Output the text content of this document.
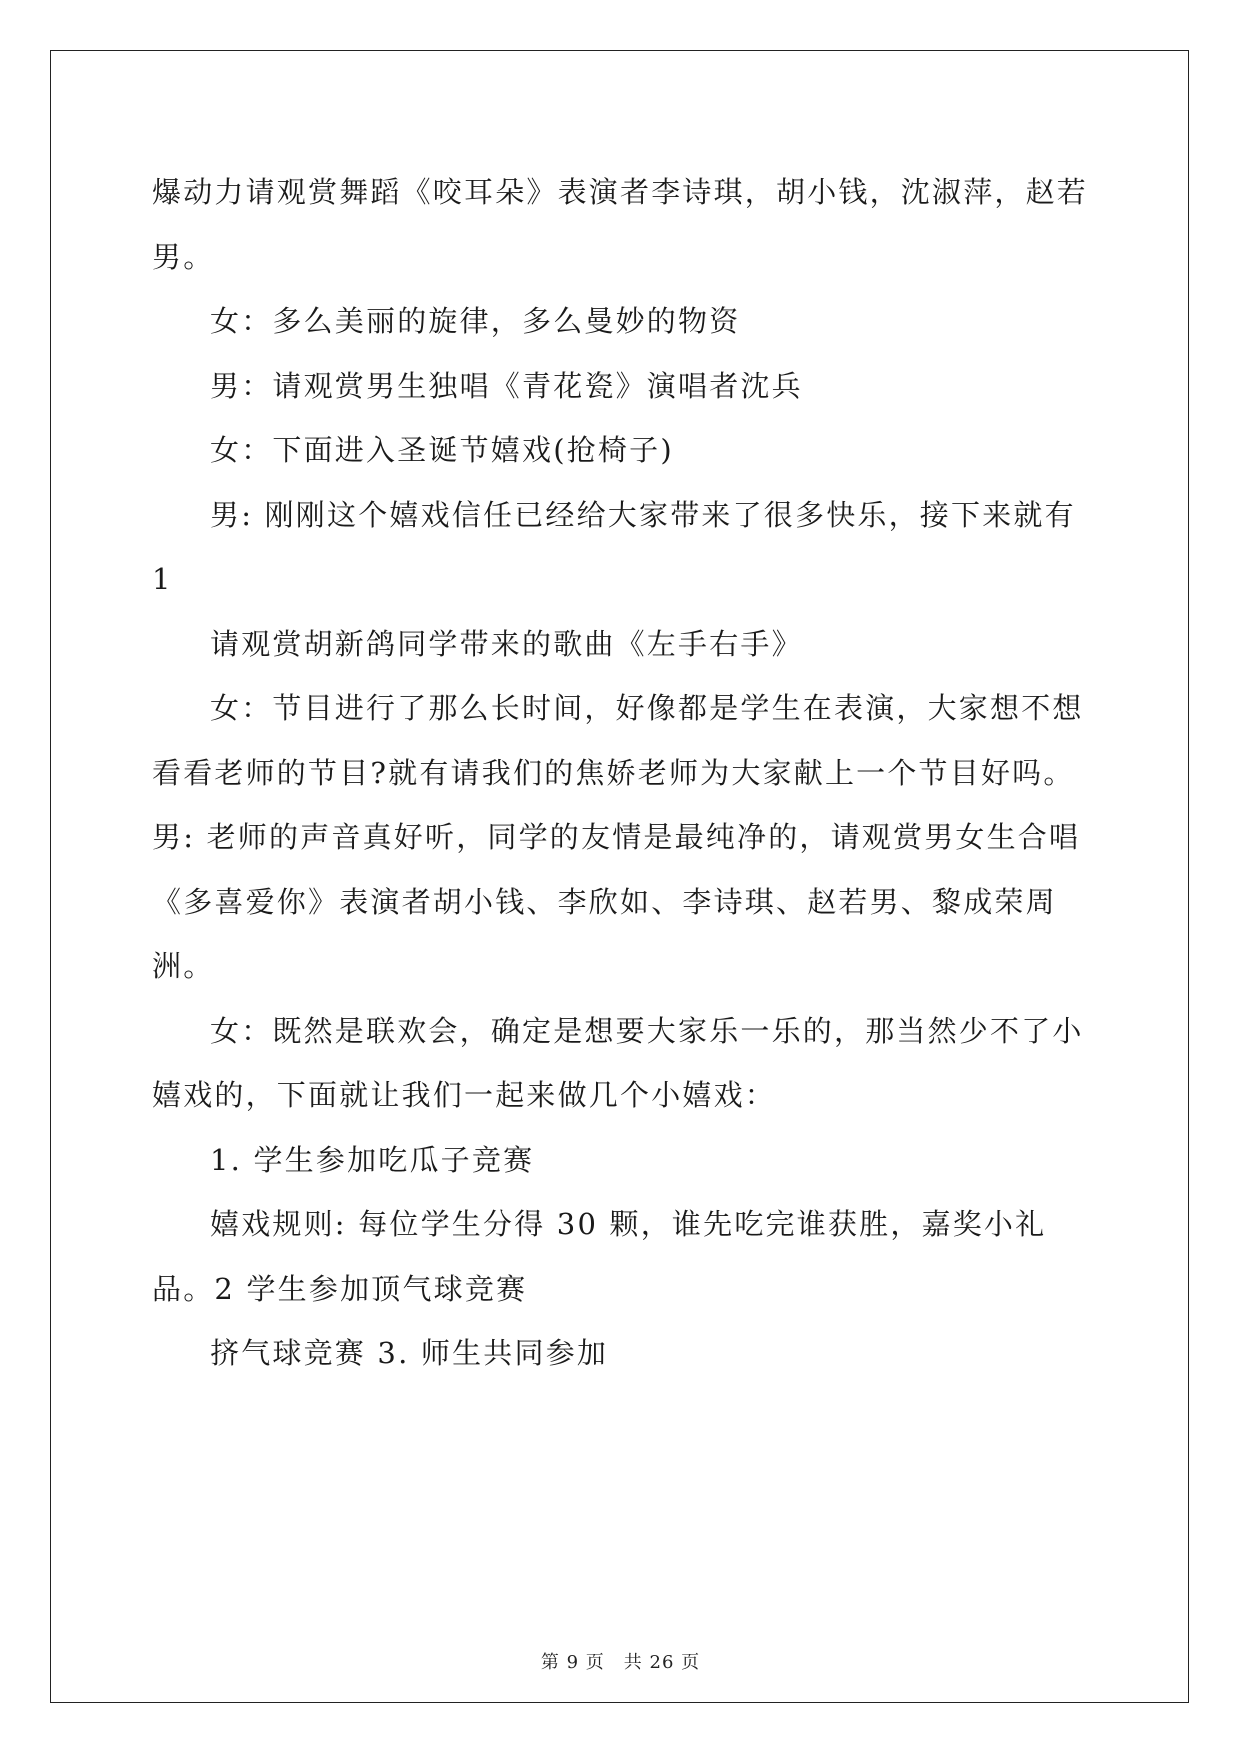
爆动力请观赏舞蹈《咬耳朵》表演者李诗琪，胡小钱，沈淑萍，赵若男。

女：多么美丽的旋律，多么曼妙的物资

男：请观赏男生独唱《青花瓷》演唱者沈兵

女：下面进入圣诞节嬉戏(抢椅子)

男: 刚刚这个嬉戏信任已经给大家带来了很多快乐，接下来就有 1

请观赏胡新鸽同学带来的歌曲《左手右手》

女：节目进行了那么长时间，好像都是学生在表演，大家想不想看看老师的节目?就有请我们的焦娇老师为大家献上一个节目好吗。男: 老师的声音真好听，同学的友情是最纯净的，请观赏男女生合唱《多喜爱你》表演者胡小钱、李欣如、李诗琪、赵若男、黎成荣周洲。

女：既然是联欢会，确定是想要大家乐一乐的，那当然少不了小嬉戏的，下面就让我们一起来做几个小嬉戏：

1. 学生参加吃瓜子竞赛

嬉戏规则: 每位学生分得 30 颗，谁先吃完谁获胜，嘉奖小礼品。2 学生参加顶气球竞赛

挤气球竞赛 3. 师生共同参加

第 9 页　共 26 页
